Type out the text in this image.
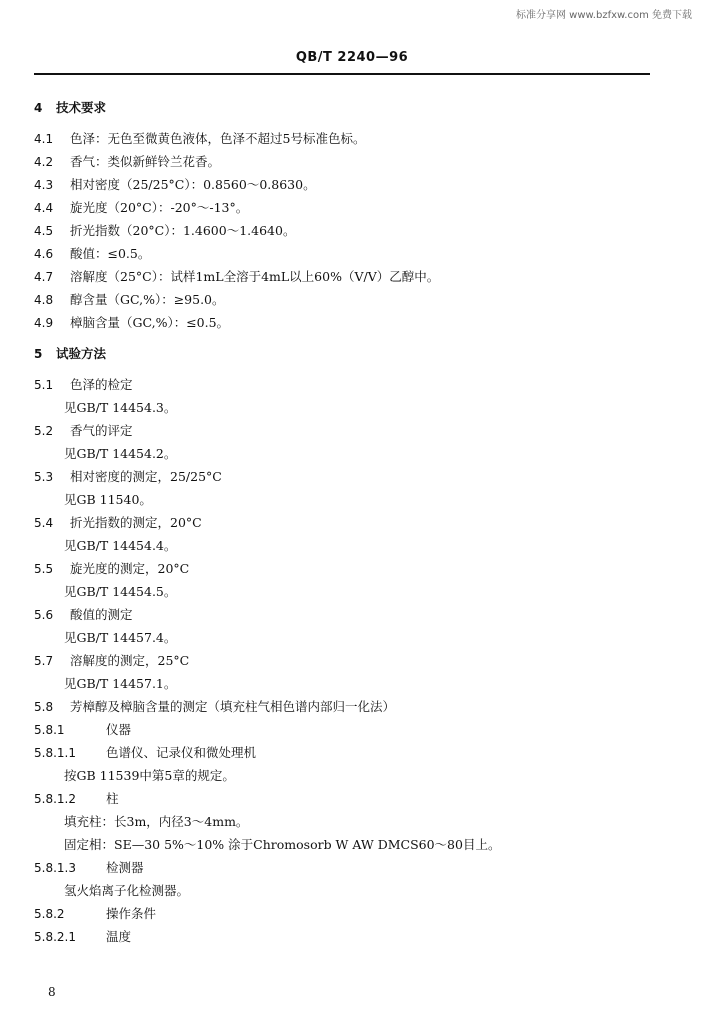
标准分享网 www.bzfxw.com 免费下载
QB/T 2240—96
4 技术要求
4.1 色泽：无色至微黄色液体，色泽不超过5号标准色标。
4.2 香气：类似新鲜铃兰花香。
4.3 相对密度（25/25°C）：0.8560～0.8630。
4.4 旋光度（20°C）：-20°～-13°。
4.5 折光指数（20°C）：1.4600～1.4640。
4.6 酸值：≤0.5。
4.7 溶解度（25°C）：试样1mL全溶于4mL以上60%（V/V）乙醇中。
4.8 醇含量（GC,%）：≥95.0。
4.9 樟脑含量（GC,%）：≤0.5。
5 试验方法
5.1 色泽的检定
见GB/T 14454.3。
5.2 香气的评定
见GB/T 14454.2。
5.3 相对密度的测定，25/25°C
见GB 11540。
5.4 折光指数的测定，20°C
见GB/T 14454.4。
5.5 旋光度的测定，20°C
见GB/T 14454.5。
5.6 酸值的测定
见GB/T 14457.4。
5.7 溶解度的测定，25°C
见GB/T 14457.1。
5.8 芳樟醇及樟脑含量的测定（填充柱气相色谱内部归一化法）
5.8.1	仪器
5.8.1.1 色谱仪、记录仪和微处理机
按GB 11539中第5章的规定。
5.8.1.2 柱
填充柱：长3m，内径3～4mm。
固定相：SE—30 5%～10% 涂于Chromosorb W AW DMCS60～80目上。
5.8.1.3 检测器
氢火焰离子化检测器。
5.8.2	操作条件
5.8.2.1 温度
8
